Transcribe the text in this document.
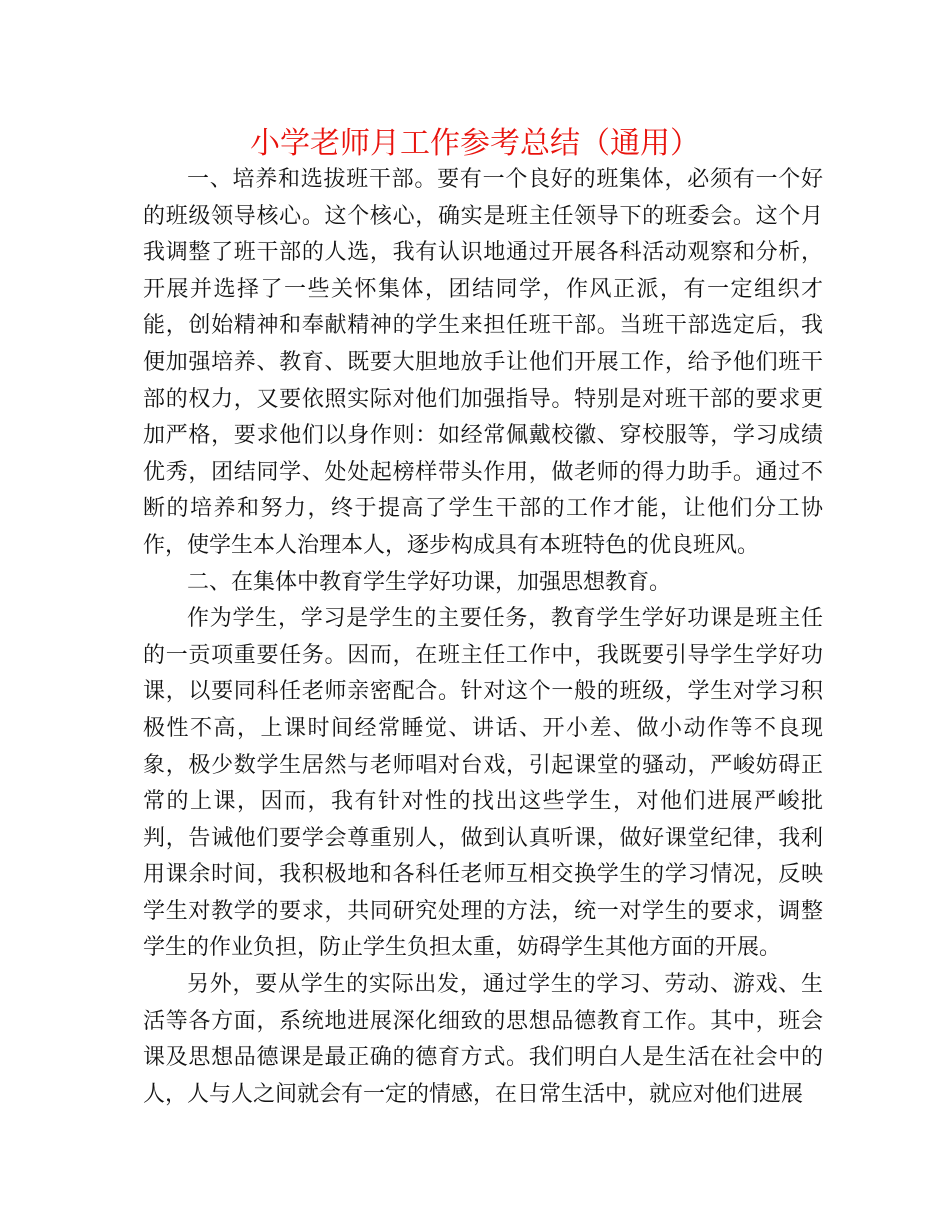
小学老师月工作参考总结（通用）

一、培养和选拔班干部。要有一个良好的班集体，必须有一个好的班级领导核心。这个核心，确实是班主任领导下的班委会。这个月我调整了班干部的人选，我有认识地通过开展各科活动观察和分析，开展并选择了一些关怀集体，团结同学，作风正派，有一定组织才能，创始精神和奉献精神的学生来担任班干部。当班干部选定后，我便加强培养、教育、既要大胆地放手让他们开展工作，给予他们班干部的权力，又要依照实际对他们加强指导。特别是对班干部的要求更加严格，要求他们以身作则：如经常佩戴校徽、穿校服等，学习成绩优秀，团结同学、处处起榜样带头作用，做老师的得力助手。通过不断的培养和努力，终于提高了学生干部的工作才能，让他们分工协作，使学生本人治理本人，逐步构成具有本班特色的优良班风。

二、在集体中教育学生学好功课，加强思想教育。

作为学生，学习是学生的主要任务，教育学生学好功课是班主任的一贡项重要任务。因而，在班主任工作中，我既要引导学生学好功课，以要同科任老师亲密配合。针对这个一般的班级，学生对学习积极性不高，上课时间经常睡觉、讲话、开小差、做小动作等不良现象，极少数学生居然与老师唱对台戏，引起课堂的骚动，严峻妨碍正常的上课，因而，我有针对性的找出这些学生，对他们进展严峻批判，告诫他们要学会尊重别人，做到认真听课，做好课堂纪律，我利用课余时间，我积极地和各科任老师互相交换学生的学习情况，反映学生对教学的要求，共同研究处理的方法，统一对学生的要求，调整学生的作业负担，防止学生负担太重，妨碍学生其他方面的开展。

另外，要从学生的实际出发，通过学生的学习、劳动、游戏、生活等各方面，系统地进展深化细致的思想品德教育工作。其中，班会课及思想品德课是最正确的德育方式。我们明白人是生活在社会中的人，人与人之间就会有一定的情感，在日常生活中，就应对他们进展
